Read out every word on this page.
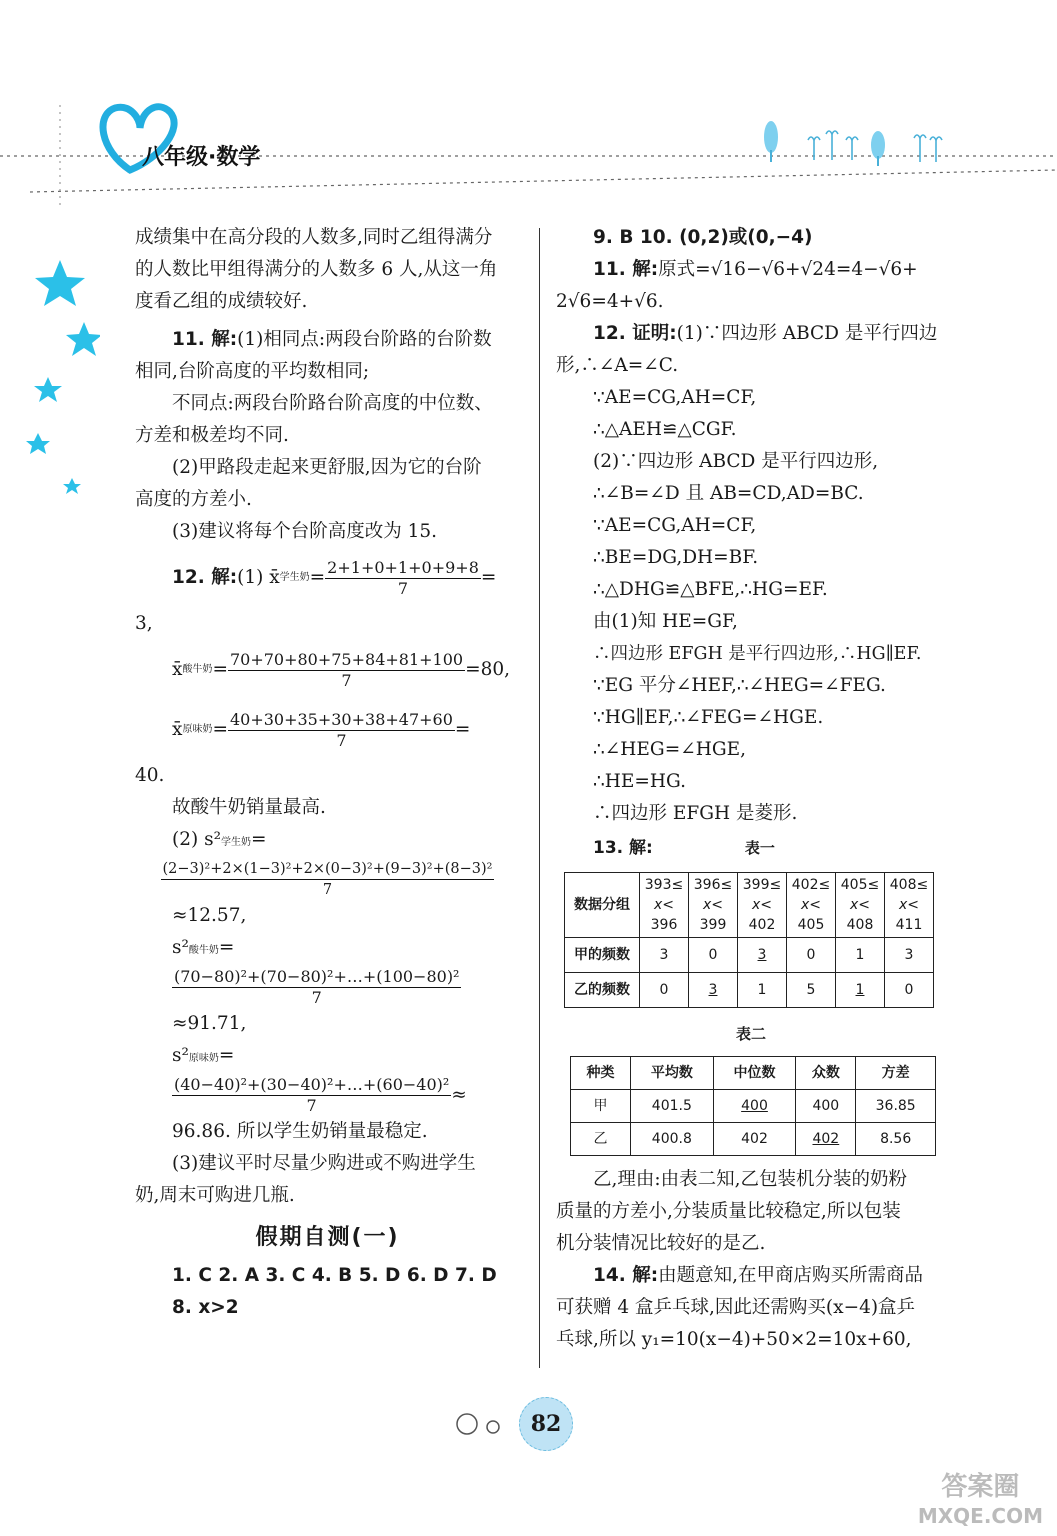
八年级·数学

成绩集中在高分段的人数多,同时乙组得满分

的人数比甲组得满分的人数多 6 人,从这一角

度看乙组的成绩较好.

11. 解:(1)相同点:两段台阶路的台阶数

相同,台阶高度的平均数相同;

不同点:两段台阶路台阶高度的中位数、

方差和极差均不同.

(2)甲路段走起来更舒服,因为它的台阶

高度的方差小.

(3)建议将每个台阶高度改为 15.

12. 解: (1) x̄ 学生奶 = $\frac{2+1+0+1+0+9+8}{7}$ =

3,

x̄ 酸牛奶 = $\frac{70+70+80+75+84+81+100}{7} =80$,
x̄ 原味奶 = $\frac{40+30+35+30+38+47+60}{7}$ =

40.

故酸牛奶销量最高.

(2) s²学生奶=

$\frac{\text{(2−3)²+2×(1−3)²+2×(0−3)²+(9−3)²+(8−3)²}}{7}$

≈12.57,

s²酸牛奶=

$\frac{\text{(70−80)²+(70−80)²+…+(100−80)²}}{7}$

≈91.71,

s²原味奶=

$\frac{\text{(40−40)²+(30−40)²+…+(60−40)²}}{7}$ ≈

96.86. 所以学生奶销量最稳定.

(3)建议平时尽量少购进或不购进学生

奶,周末可购进几瓶.

假期自测(一)

1. C 2. A 3. C 4. B 5. D 6. D 7. D

8. x>2

9. B 10. (0,2)或(0,−4)

11. 解:原式=√16−√6+√24=4−√6+

2√6=4+√6.

12. 证明:(1)∵四边形 ABCD 是平行四边

形,∴∠A=∠C.

∵AE=CG,AH=CF,

∴△AEH≌△CGF.

(2)∵四边形 ABCD 是平行四边形,

∴∠B=∠D 且 AB=CD,AD=BC.

∵AE=CG,AH=CF,

∴BE=DG,DH=BF.

∴△DHG≌△BFE,∴HG=EF.

由(1)知 HE=GF,

∴四边形 EFGH 是平行四边形,∴HG∥EF.

∵EG 平分∠HEF,∴∠HEG=∠FEG.

∵HG∥EF,∴∠FEG=∠HGE.

∴∠HEG=∠HGE,

∴HE=HG.

∴四边形 EFGH 是菱形.

13. 解:	表一
数据分组	393≤
x<
396	396≤
x<
399	399≤
x<
402	402≤
x<
405	405≤
x<
408	408≤
x<
411
甲的频数	3	0	3	0	1	3
乙的频数	0	3	1	5	1	0
表二
种类	平均数	中位数	众数	方差
甲	401.5	400	400	36.85
乙	400.8	402	402	8.56

乙,理由:由表二知,乙包装机分装的奶粉

质量的方差小,分装质量比较稳定,所以包装

机分装情况比较好的是乙.

14. 解:由题意知,在甲商店购买所需商品

可获赠 4 盒乒乓球,因此还需购买(x−4)盒乒

乓球,所以 y₁=10(x−4)+50×2=10x+60,

82
答案圈
MXQE.COM
